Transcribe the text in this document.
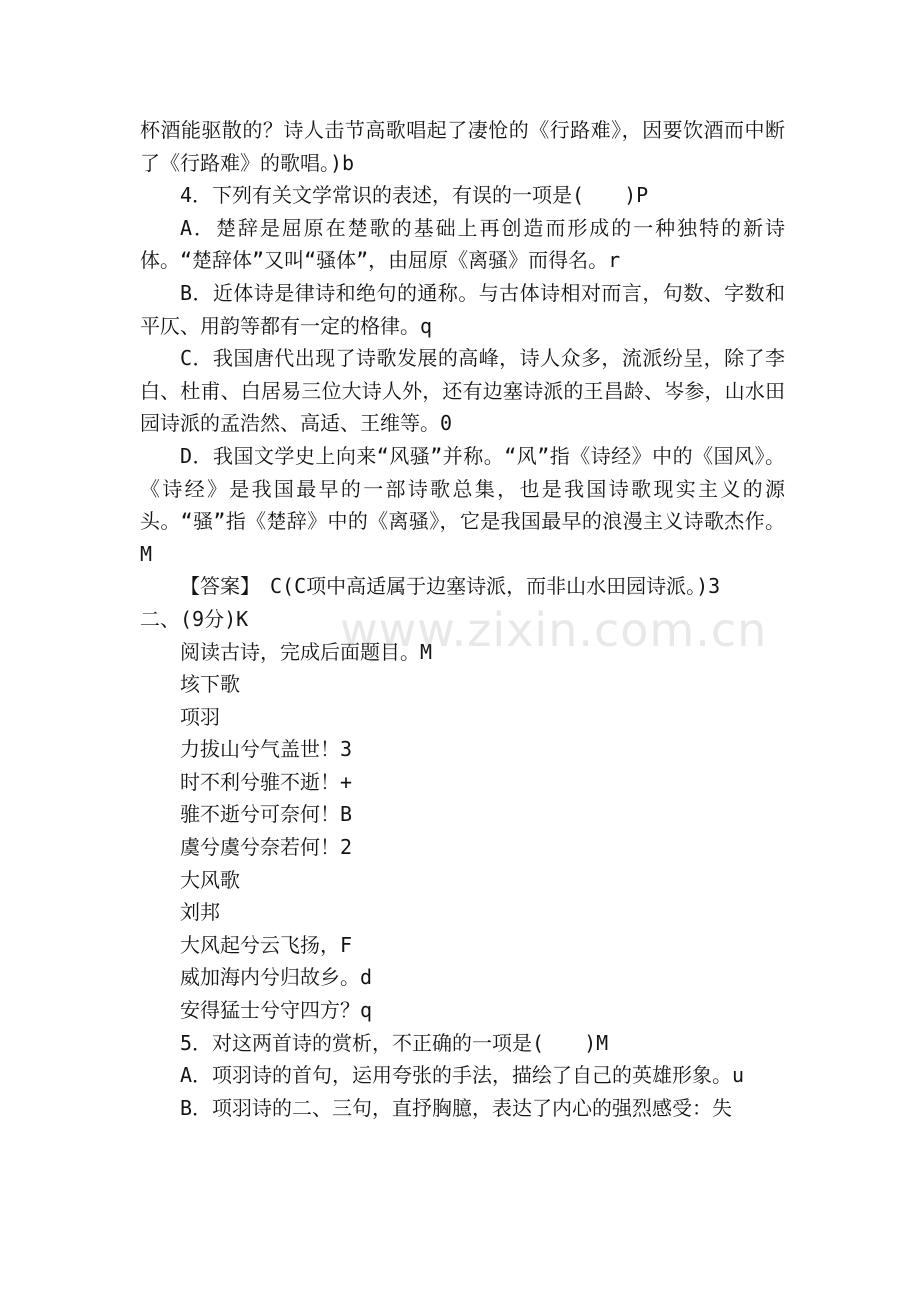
杯酒能驱散的？诗人击节高歌唱起了凄怆的《行路难》，因要饮酒而中断了《行路难》的歌唱。)b

4．下列有关文学常识的表述，有误的一项是(　　)P

A．楚辞是屈原在楚歌的基础上再创造而形成的一种独特的新诗体。“楚辞体”又叫“骚体”，由屈原《离骚》而得名。r

B．近体诗是律诗和绝句的通称。与古体诗相对而言，句数、字数和平仄、用韵等都有一定的格律。q

C．我国唐代出现了诗歌发展的高峰，诗人众多，流派纷呈，除了李白、杜甫、白居易三位大诗人外，还有边塞诗派的王昌龄、岑参，山水田园诗派的孟浩然、高适、王维等。0

D．我国文学史上向来“风骚”并称。“风”指《诗经》中的《国风》。《诗经》是我国最早的一部诗歌总集，也是我国诗歌现实主义的源头。“骚”指《楚辞》中的《离骚》，它是我国最早的浪漫主义诗歌杰作。M

【答案】　C(C项中高适属于边塞诗派，而非山水田园诗派。)3

二、(9分)K

阅读古诗，完成后面题目。M

垓下歌

项羽

力拔山兮气盖世！3

时不利兮骓不逝！+

骓不逝兮可奈何！B

虞兮虞兮奈若何！2

大风歌

刘邦

大风起兮云飞扬，F

威加海内兮归故乡。d

安得猛士兮守四方？q

5．对这两首诗的赏析，不正确的一项是(　　)M

A．项羽诗的首句，运用夸张的手法，描绘了自己的英雄形象。u

B．项羽诗的二、三句，直抒胸臆，表达了内心的强烈感受：失

www.zixin.com.cn
